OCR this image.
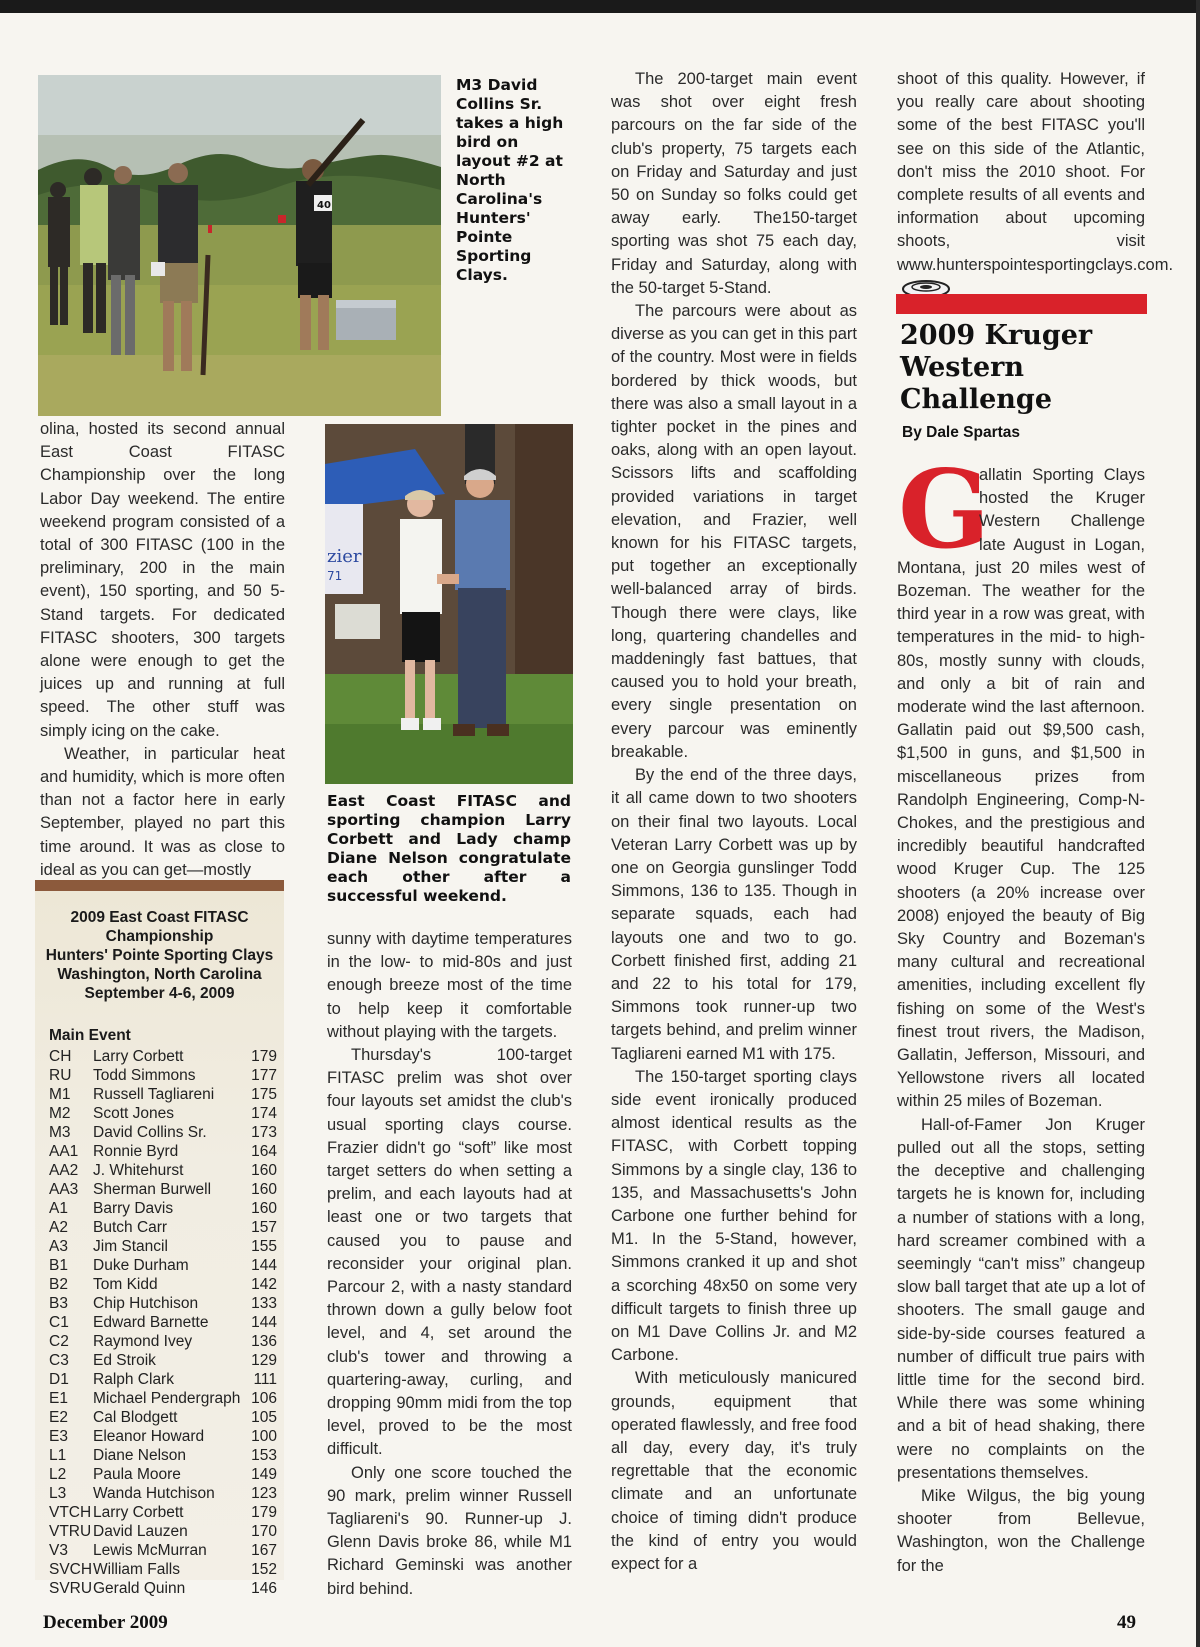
40
M3 David Collins Sr. takes a high bird on layout #2 at North Carolina's Hunters' Pointe Sporting Clays.
zier
71
East Coast FITASC and sporting champion Larry Corbett and Lady champ Diane Nelson congratulate each other after a successful weekend.

olina, hosted its second annual East Coast FITASC Championship over the long Labor Day weekend. The entire weekend program consisted of a total of 300 FITASC (100 in the preliminary, 200 in the main event), 150 sporting, and 50 5-Stand targets. For dedicated FITASC shooters, 300 targets alone were enough to get the juices up and running at full speed. The other stuff was simply icing on the cake.

Weather, in particular heat and humidity, which is more often than not a factor here in early September, played no part this time around. It was as close to ideal as you can get—mostly

2009 East Coast FITASC
Championship
Hunters' Pointe Sporting Clays
Washington, North Carolina
September 4-6, 2009
Main Event
CH	Larry Corbett	179
RU	Todd Simmons	177
M1	Russell Tagliareni	175
M2	Scott Jones	174
M3	David Collins Sr.	173
AA1	Ronnie Byrd	164
AA2	J. Whitehurst	160
AA3	Sherman Burwell	160
A1	Barry Davis	160
A2	Butch Carr	157
A3	Jim Stancil	155
B1	Duke Durham	144
B2	Tom Kidd	142
B3	Chip Hutchison	133
C1	Edward Barnette	144
C2	Raymond Ivey	136
C3	Ed Stroik	129
D1	Ralph Clark	111
E1	Michael Pendergraph	106
E2	Cal Blodgett	105
E3	Eleanor Howard	100
L1	Diane Nelson	153
L2	Paula Moore	149
L3	Wanda Hutchison	123
VTCH	Larry Corbett	179
VTRU	David Lauzen	170
V3	Lewis McMurran	167
SVCH	William Falls	152
SVRU	Gerald Quinn	146

sunny with daytime temperatures in the low- to mid-80s and just enough breeze most of the time to help keep it comfortable without playing with the targets.

Thursday's 100-target FITASC prelim was shot over four layouts set amidst the club's usual sporting clays course. Frazier didn't go “soft” like most target setters do when setting a prelim, and each layouts had at least one or two targets that caused you to pause and reconsider your original plan. Parcour 2, with a nasty standard thrown down a gully below foot level, and 4, set around the club's tower and throwing a quartering-away, curling, and dropping 90mm midi from the top level, proved to be the most difficult.

Only one score touched the 90 mark, prelim winner Russell Tagliareni's 90. Runner-up J. Glenn Davis broke 86, while M1 Richard Geminski was another bird behind.

The 200-target main event was shot over eight fresh parcours on the far side of the club's property, 75 targets each on Friday and Saturday and just 50 on Sunday so folks could get away early. The150-target sporting was shot 75 each day, Friday and Saturday, along with the 50-target 5-Stand.

The parcours were about as diverse as you can get in this part of the country. Most were in fields bordered by thick woods, but there was also a small layout in a tighter pocket in the pines and oaks, along with an open layout. Scissors lifts and scaffolding provided variations in target elevation, and Frazier, well known for his FITASC targets, put together an exceptionally well-balanced array of birds. Though there were clays, like long, quartering chandelles and maddeningly fast battues, that caused you to hold your breath, every single presentation on every parcour was eminently breakable.

By the end of the three days, it all came down to two shooters on their final two layouts. Local Veteran Larry Corbett was up by one on Georgia gunslinger Todd Simmons, 136 to 135. Though in separate squads, each had layouts one and two to go. Corbett finished first, adding 21 and 22 to his total for 179, Simmons took runner-up two targets behind, and prelim winner Tagliareni earned M1 with 175.

The 150-target sporting clays side event ironically produced almost identical results as the FITASC, with Corbett topping Simmons by a single clay, 136 to 135, and Massachusetts's John Carbone one further behind for M1. In the 5-Stand, however, Simmons cranked it up and shot a scorching 48x50 on some very difficult targets to finish three up on M1 Dave Collins Jr. and M2 Carbone.

With meticulously manicured grounds, equipment that operated flawlessly, and free food all day, every day, it's truly regrettable that the economic climate and an unfortunate choice of timing didn't produce the kind of entry you would expect for a

shoot of this quality. However, if you really care about shooting some of the best FITASC you'll see on this side of the Atlantic, don't miss the 2010 shoot. For complete results of all events and information about upcoming shoots, visit www.hunterspointesportingclays.com.

2009 Kruger Western Challenge
By Dale Spartas
G

allatin Sporting Clays hosted the Kruger Western Challenge late August in Logan, Montana, just 20 miles west of Bozeman. The weather for the third year in a row was great, with temperatures in the mid- to high-80s, mostly sunny with clouds, and only a bit of rain and moderate wind the last afternoon. Gallatin paid out $9,500 cash, $1,500 in guns, and $1,500 in miscellaneous prizes from Randolph Engineering, Comp-N-Chokes, and the prestigious and incredibly beautiful handcrafted wood Kruger Cup. The 125 shooters (a 20% increase over 2008) enjoyed the beauty of Big Sky Country and Bozeman's many cultural and recreational amenities, including excellent fly fishing on some of the West's finest trout rivers, the Madison, Gallatin, Jefferson, Missouri, and Yellowstone rivers all located within 25 miles of Bozeman.

Hall-of-Famer Jon Kruger pulled out all the stops, setting the deceptive and challenging targets he is known for, including a number of stations with a long, hard screamer combined with a seemingly “can't miss” changeup slow ball target that ate up a lot of shooters. The small gauge and side-by-side courses featured a number of difficult true pairs with little time for the second bird. While there was some whining and a bit of head shaking, there were no complaints on the presentations themselves.

Mike Wilgus, the big young shooter from Bellevue, Washington, won the Challenge for the

December 2009	49
